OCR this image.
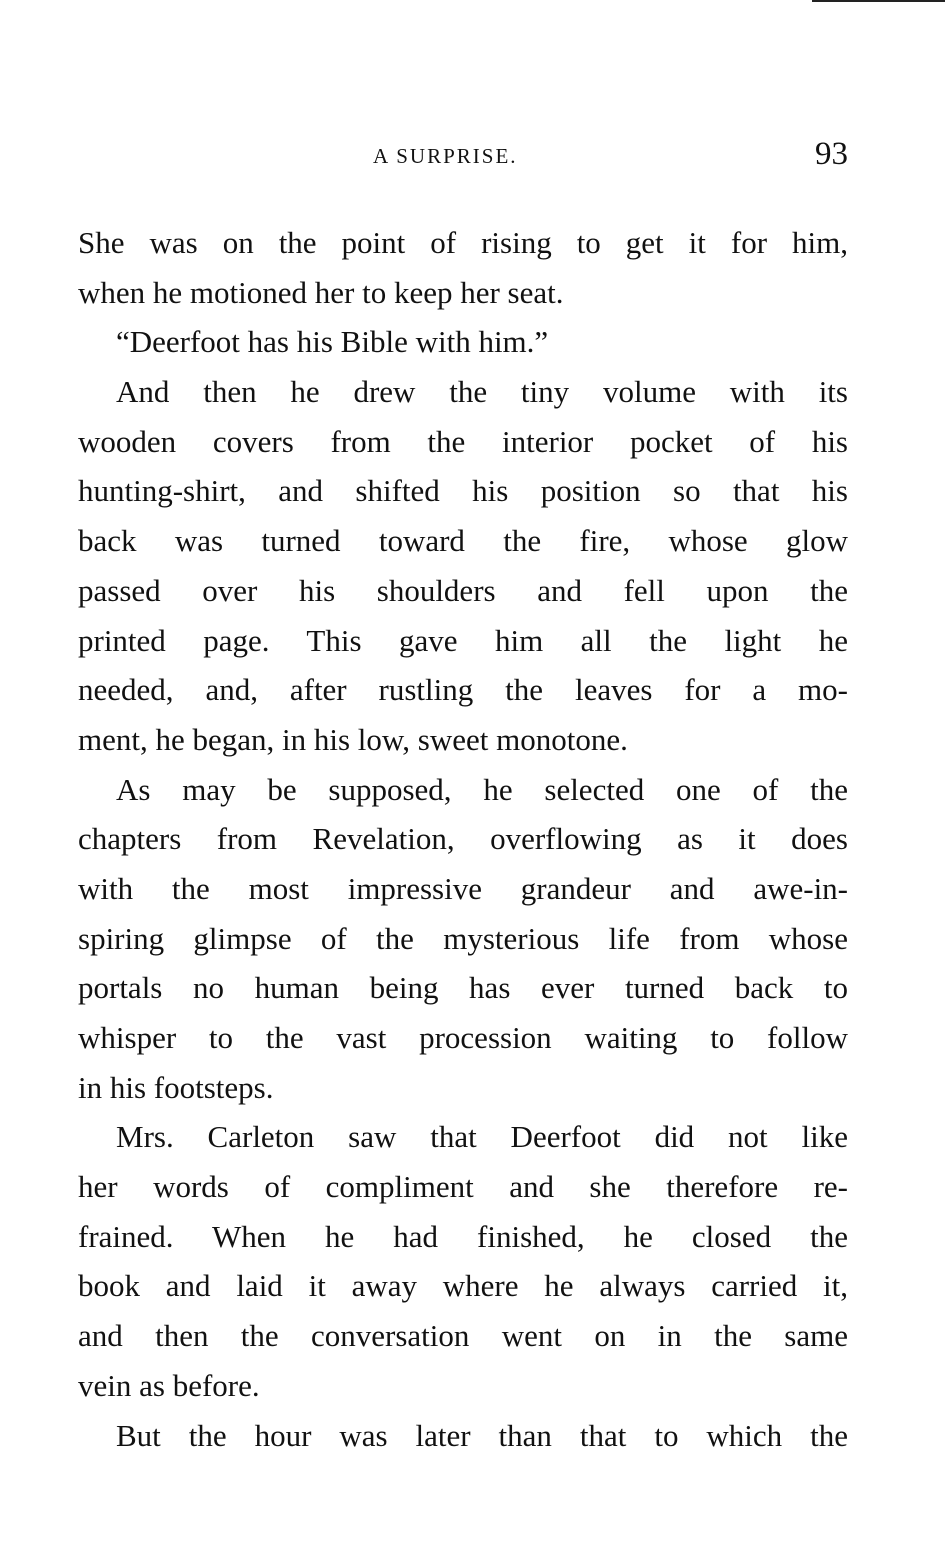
A SURPRISE.	93
She was on the point of rising to get it for him,
when he motioned her to keep her seat.
“Deerfoot has his Bible with him.”
And then he drew the tiny volume with its
wooden covers from the interior pocket of his
hunting-shirt, and shifted his position so that his
back was turned toward the fire, whose glow
passed over his shoulders and fell upon the
printed page. This gave him all the light he
needed, and, after rustling the leaves for a mo-
ment, he began, in his low, sweet monotone.
As may be supposed, he selected one of the
chapters from Revelation, overflowing as it does
with the most impressive grandeur and awe-in-
spiring glimpse of the mysterious life from whose
portals no human being has ever turned back to
whisper to the vast procession waiting to follow
in his footsteps.
Mrs. Carleton saw that Deerfoot did not like
her words of compliment and she therefore re-
frained. When he had finished, he closed the
book and laid it away where he always carried it,
and then the conversation went on in the same
vein as before.
But the hour was later than that to which the
